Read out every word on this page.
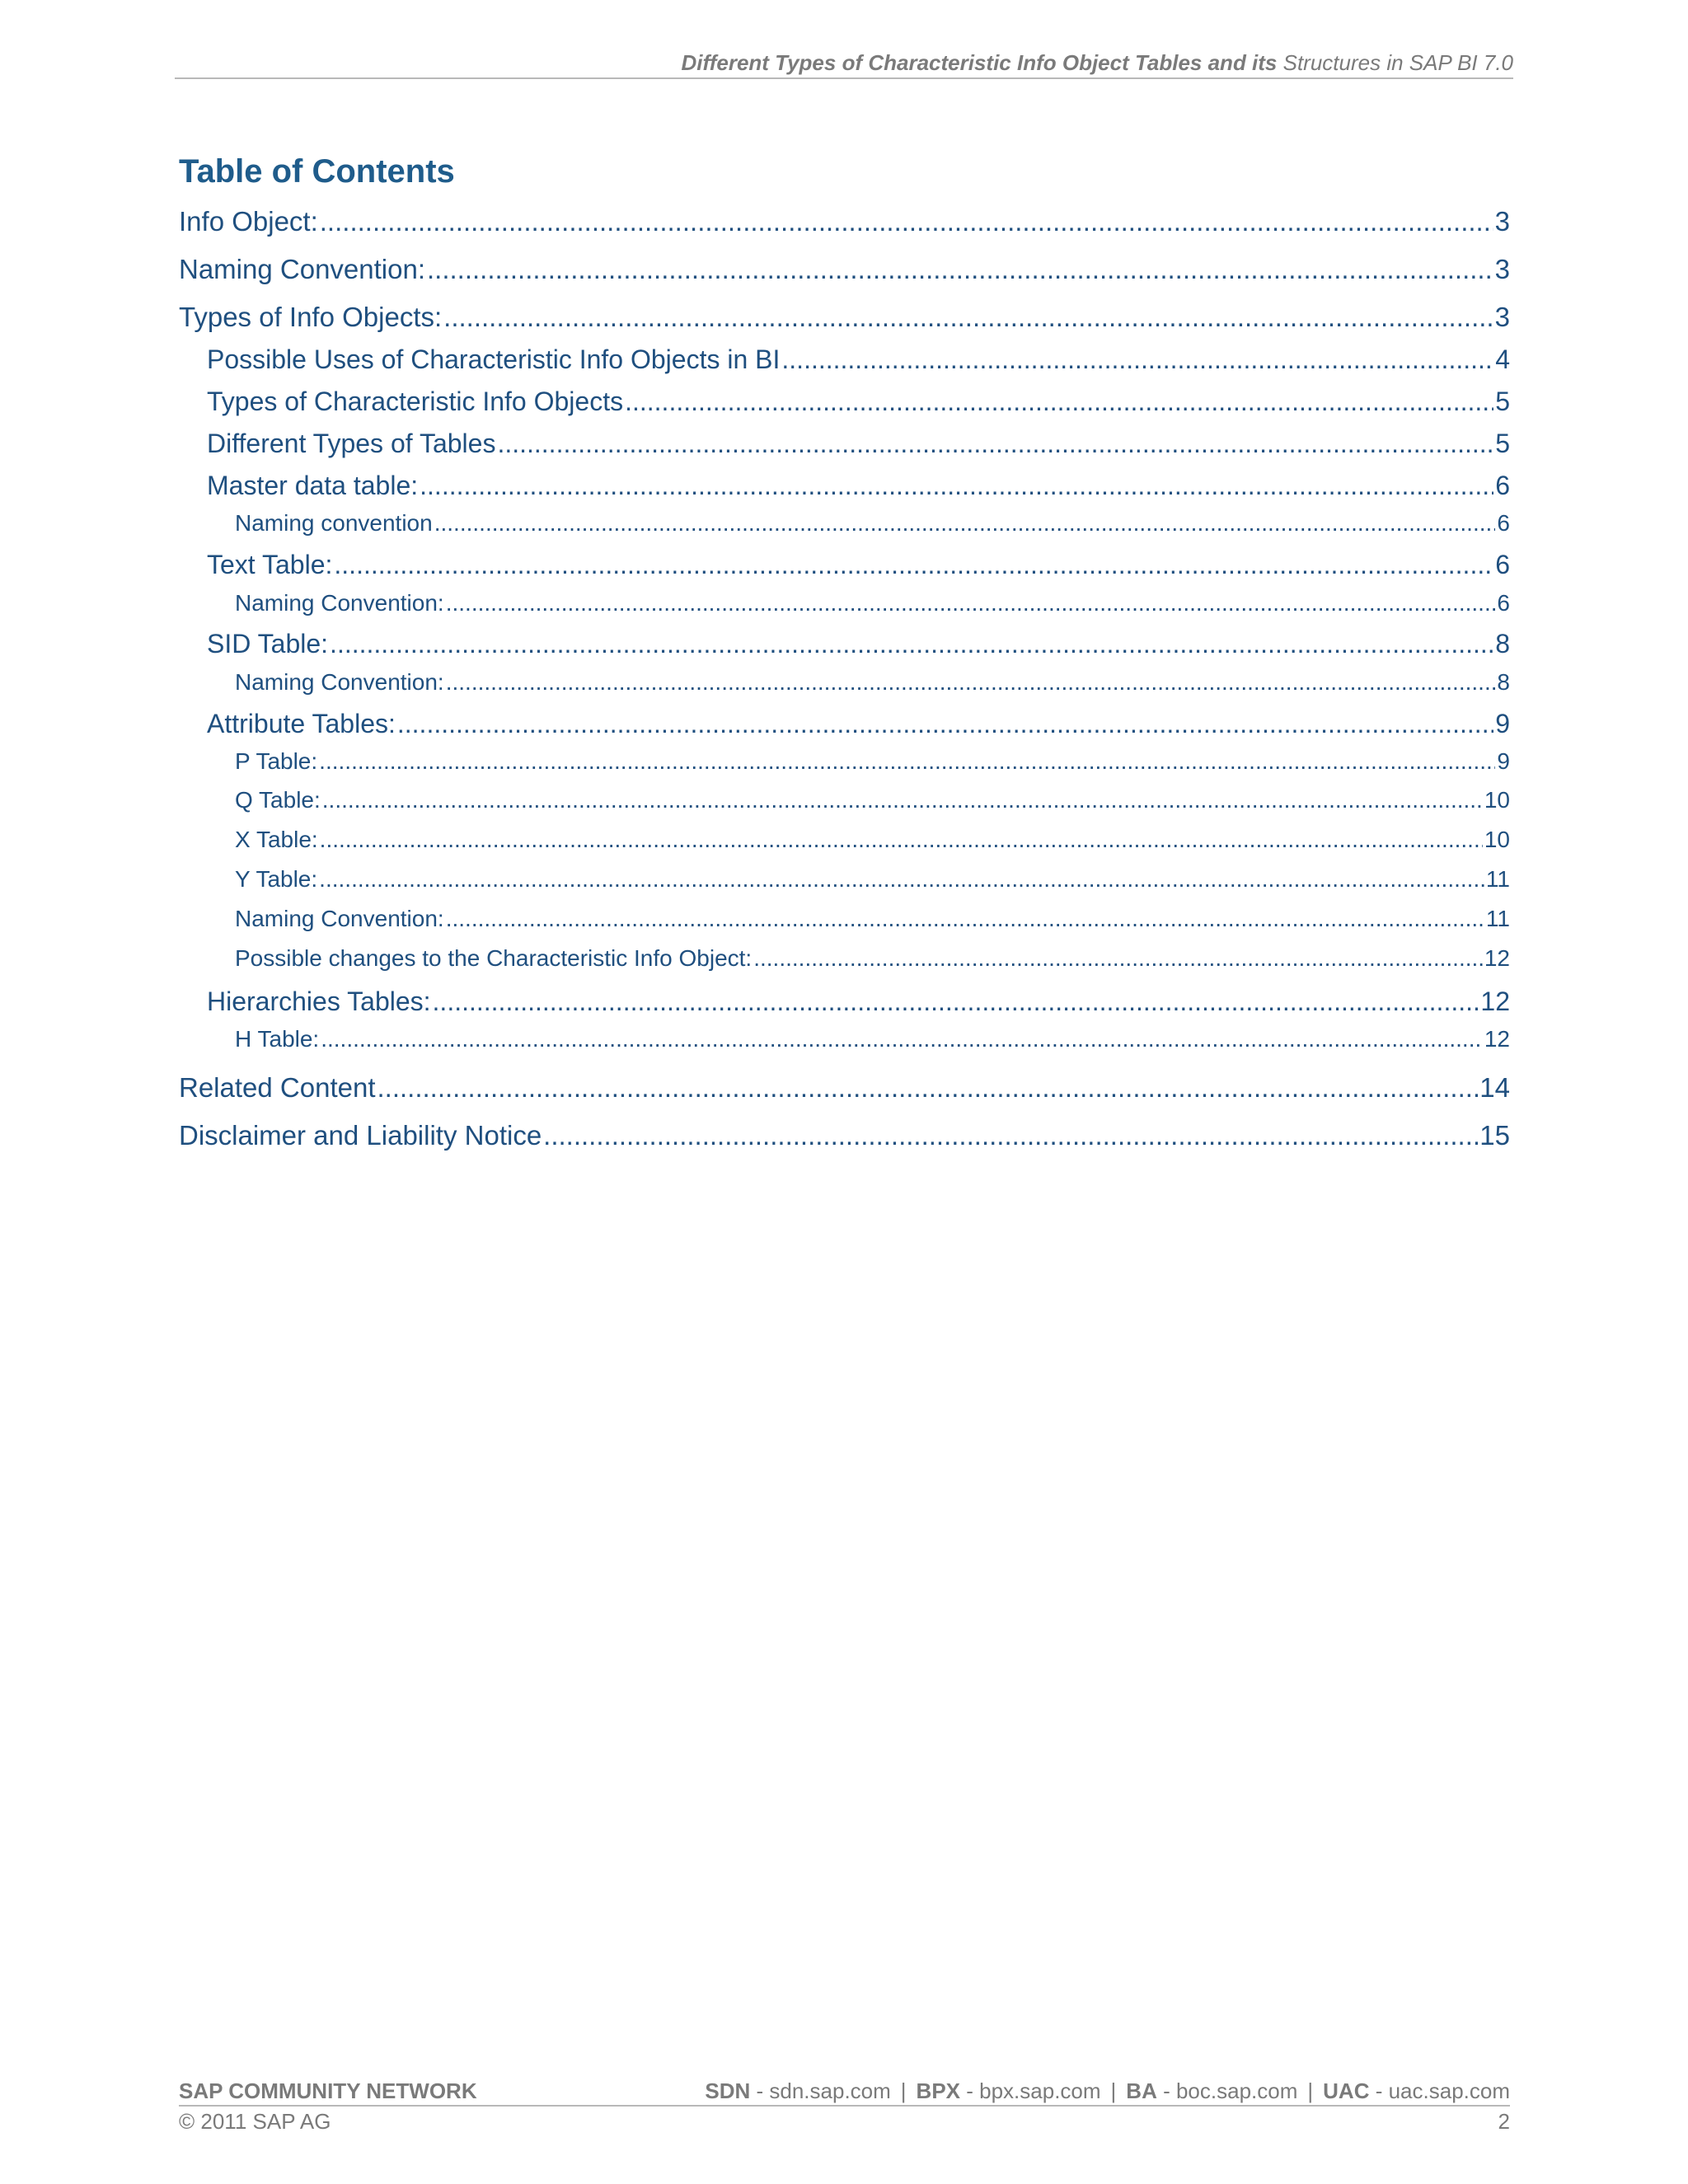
Different Types of Characteristic Info Object Tables and its Structures in SAP BI 7.0
Table of Contents
Info Object: .....	3
Naming Convention: .....	3
Types of Info Objects: .....	3
Possible Uses of Characteristic Info Objects in BI .....	4
Types of Characteristic Info Objects .....	5
Different Types of Tables .....	5
Master data table: .....	6
Naming convention .....	6
Text Table: .....	6
Naming Convention: .....	6
SID Table: .....	8
Naming Convention: .....	8
Attribute Tables: .....	9
P Table: .....	9
Q Table: .....	10
X Table: .....	10
Y Table: .....	11
Naming Convention: .....	11
Possible changes to the Characteristic Info Object: .....	12
Hierarchies Tables: .....	12
H Table: .....	12
Related Content .....	14
Disclaimer and Liability Notice .....	15
SAP COMMUNITY NETWORK	SDN - sdn.sap.com | BPX - bpx.sap.com | BA - boc.sap.com | UAC - uac.sap.com
© 2011 SAP AG	2
